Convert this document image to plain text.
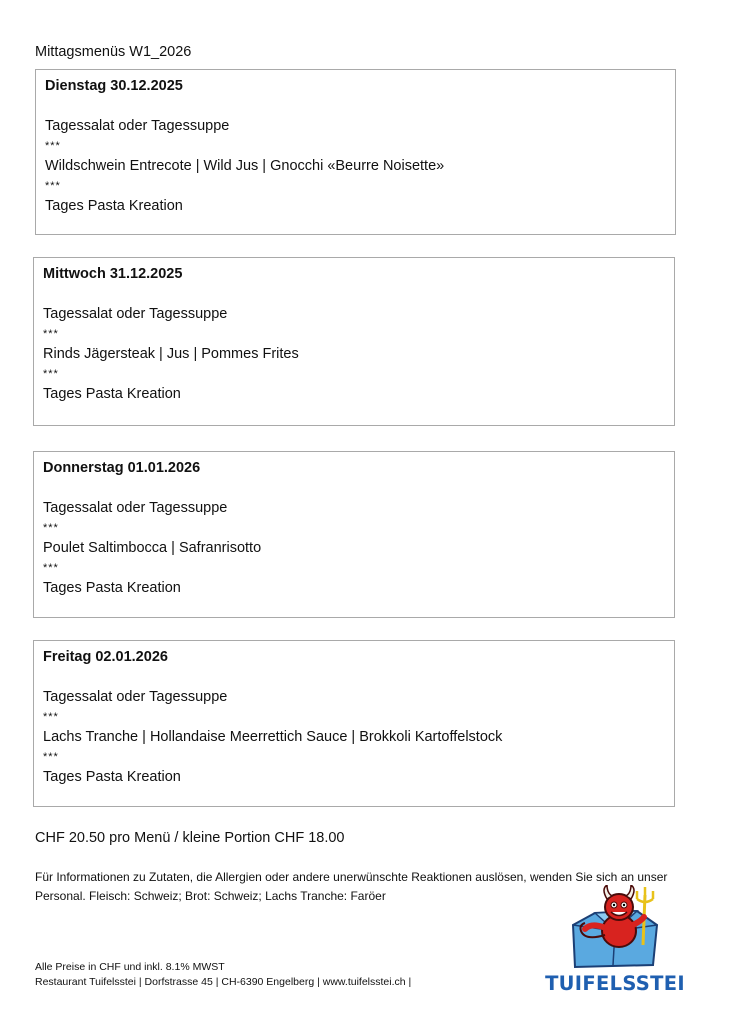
Mittagsmenüs W1_2026
Dienstag 30.12.2025
Tagessalat oder Tagessuppe
***
Wildschwein Entrecote | Wild Jus | Gnocchi «Beurre Noisette»
***
Tages Pasta Kreation
Mittwoch 31.12.2025
Tagessalat oder Tagessuppe
***
Rinds Jägersteak | Jus | Pommes Frites
***
Tages Pasta Kreation
Donnerstag 01.01.2026
Tagessalat oder Tagessuppe
***
Poulet Saltimbocca | Safranrisotto
***
Tages Pasta Kreation
Freitag 02.01.2026
Tagessalat oder Tagessuppe
***
Lachs Tranche | Hollandaise Meerrettich Sauce | Brokkoli Kartoffelstock
***
Tages Pasta Kreation
CHF 20.50 pro Menü / kleine Portion CHF 18.00
Für Informationen zu Zutaten, die Allergien oder andere unerwünschte Reaktionen auslösen, wenden Sie sich an unser Personal. Fleisch: Schweiz; Brot: Schweiz; Lachs Tranche: Faröer
Alle Preise in CHF und inkl. 8.1% MWST
Restaurant Tuifelsstei | Dorfstrasse 45 | CH-6390 Engelberg | www.tuifelsstei.ch |	TUIFELSSTEI
